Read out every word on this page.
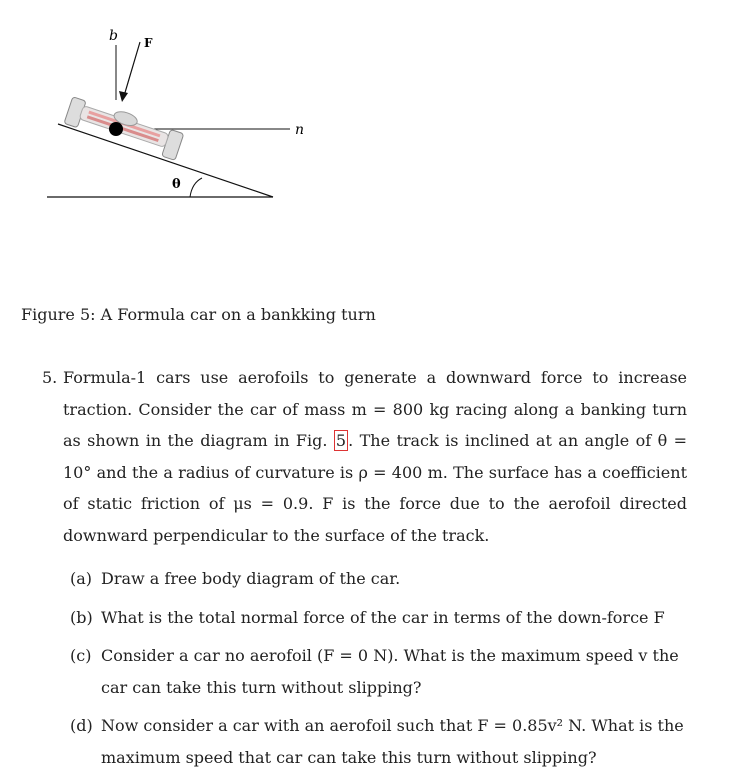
b F
n
θ
Figure 5: A Formula car on a bankking turn
5. Formula-1 cars use aerofoils to generate a downward force to increase traction. Consider the car of mass m = 800 kg racing along a banking turn as shown in the diagram in Fig. 5 . The track is inclined at an angle of θ = 10° and the a radius of curvature is ρ = 400 m. The surface has a coefficient of static friction of μs = 0.9. F is the force due to the aerofoil directed downward perpendicular to the surface of the track.
(a) Draw a free body diagram of the car.
(b) What is the total normal force of the car in terms of the down-force F
(c) Consider a car no aerofoil (F = 0 N). What is the maximum speed v the car can take this turn without slipping?
(d) Now consider a car with an aerofoil such that F = 0.85v² N. What is the maximum speed that car can take this turn without slipping?
